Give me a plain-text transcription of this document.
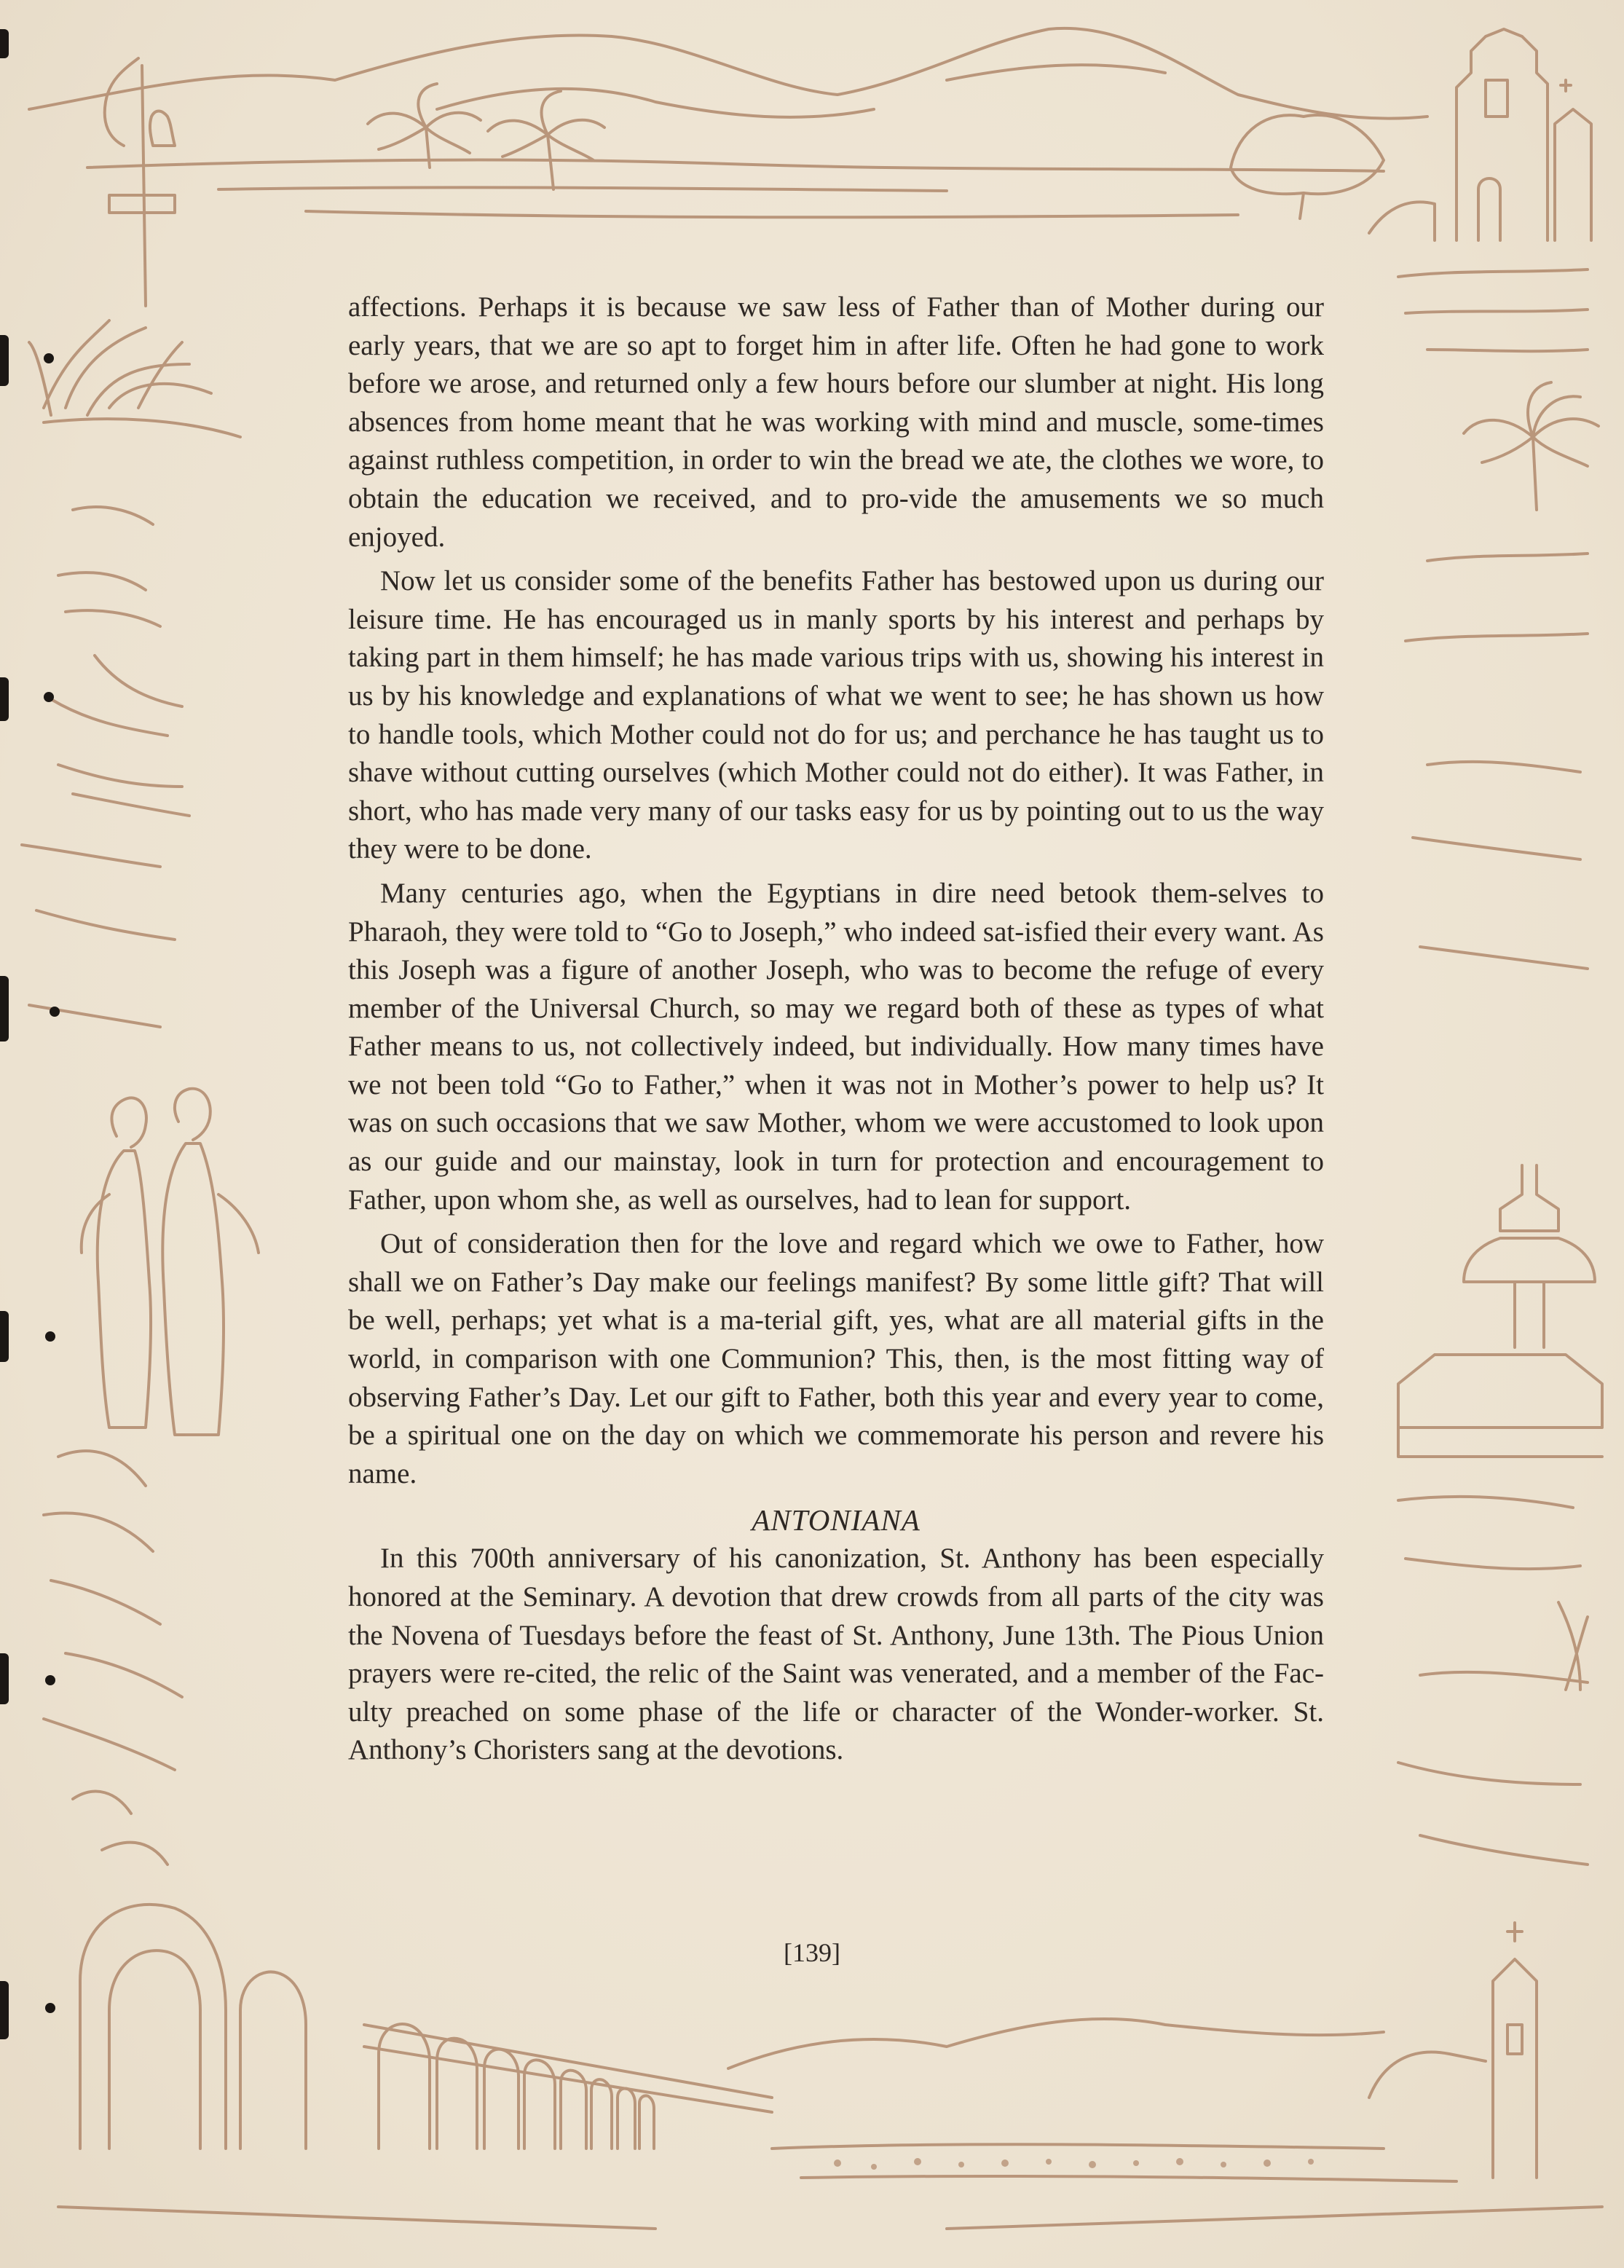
affections. Perhaps it is because we saw less of Father than of Mother during our early years, that we are so apt to forget him in after life. Often he had gone to work before we arose, and returned only a few hours before our slumber at night. His long absences from home meant that he was working with mind and muscle, some-times against ruthless competition, in order to win the bread we ate, the clothes we wore, to obtain the education we received, and to pro-vide the amusements we so much enjoyed.

Now let us consider some of the benefits Father has bestowed upon us during our leisure time. He has encouraged us in manly sports by his interest and perhaps by taking part in them himself; he has made various trips with us, showing his interest in us by his knowledge and explanations of what we went to see; he has shown us how to handle tools, which Mother could not do for us; and perchance he has taught us to shave without cutting ourselves (which Mother could not do either). It was Father, in short, who has made very many of our tasks easy for us by pointing out to us the way they were to be done.

Many centuries ago, when the Egyptians in dire need betook them-selves to Pharaoh, they were told to “Go to Joseph,” who indeed sat-isfied their every want. As this Joseph was a figure of another Joseph, who was to become the refuge of every member of the Universal Church, so may we regard both of these as types of what Father means to us, not collectively indeed, but individually. How many times have we not been told “Go to Father,” when it was not in Mother’s power to help us? It was on such occasions that we saw Mother, whom we were accustomed to look upon as our guide and our mainstay, look in turn for protection and encouragement to Father, upon whom she, as well as ourselves, had to lean for support.

Out of consideration then for the love and regard which we owe to Father, how shall we on Father’s Day make our feelings manifest? By some little gift? That will be well, perhaps; yet what is a ma-terial gift, yes, what are all material gifts in the world, in comparison with one Communion? This, then, is the most fitting way of observing Father’s Day. Let our gift to Father, both this year and every year to come, be a spiritual one on the day on which we commemorate his person and revere his name.

ANTONIANA

In this 700th anniversary of his canonization, St. Anthony has been especially honored at the Seminary. A devotion that drew crowds from all parts of the city was the Novena of Tuesdays before the feast of St. Anthony, June 13th. The Pious Union prayers were re-cited, the relic of the Saint was venerated, and a member of the Fac-ulty preached on some phase of the life or character of the Wonder-worker. St. Anthony’s Choristers sang at the devotions.

[139]
